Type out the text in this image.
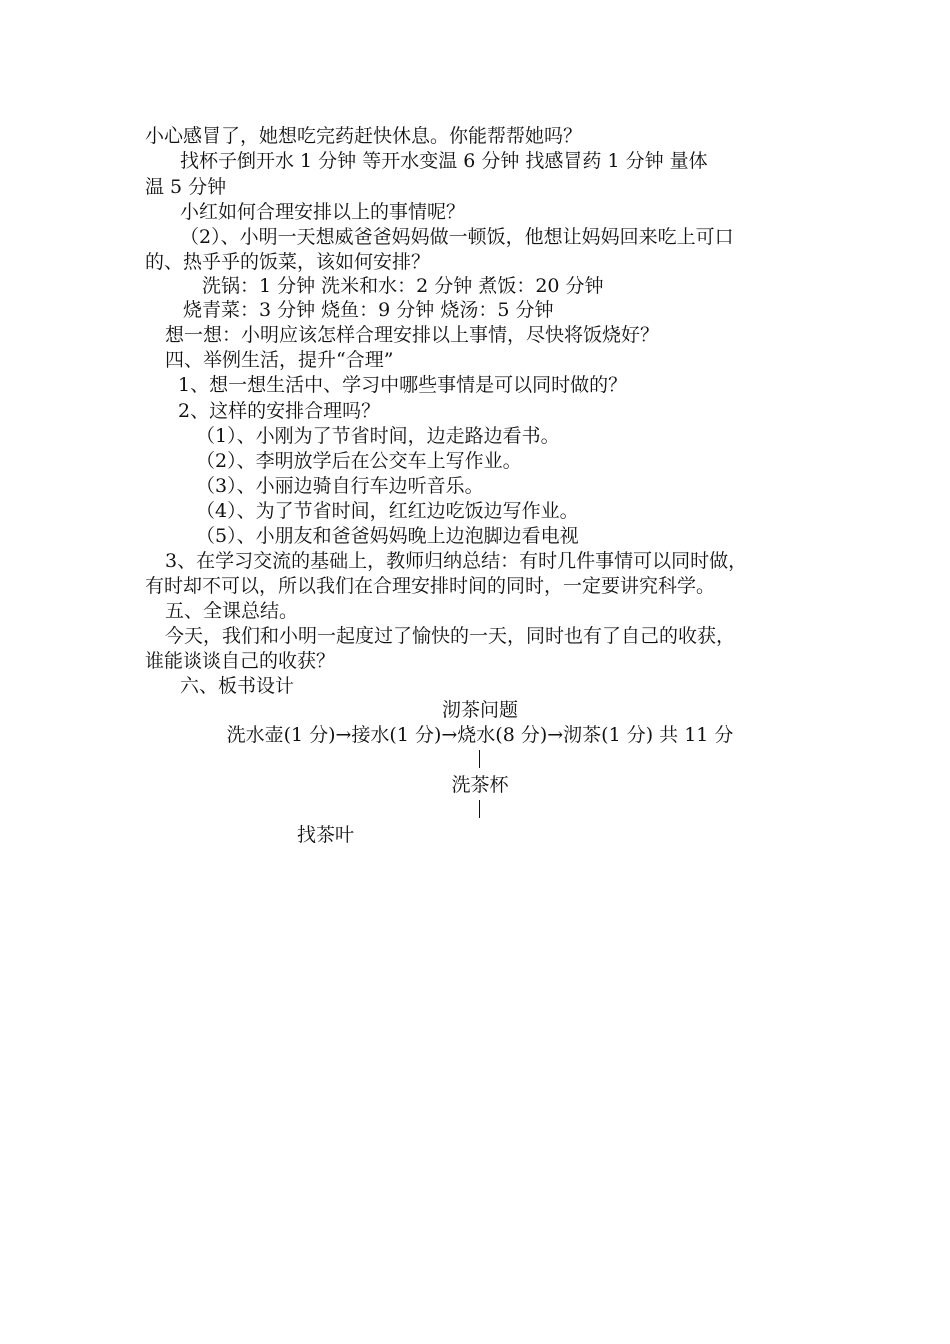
小心感冒了，她想吃完药赶快休息。你能帮帮她吗？
找杯子倒开水 1 分钟 等开水变温 6 分钟 找感冒药 1 分钟 量体
温 5 分钟
小红如何合理安排以上的事情呢？
（2）、小明一天想威爸爸妈妈做一顿饭，他想让妈妈回来吃上可口
的、热乎乎的饭菜，该如何安排？
洗锅：1 分钟 洗米和水：2 分钟 煮饭：20 分钟
烧青菜：3 分钟 烧鱼：9 分钟 烧汤：5 分钟
想一想：小明应该怎样合理安排以上事情，尽快将饭烧好？
四、举例生活，提升“合理”
1、想一想生活中、学习中哪些事情是可以同时做的？
2、这样的安排合理吗？
（1）、小刚为了节省时间，边走路边看书。
（2）、李明放学后在公交车上写作业。
（3）、小丽边骑自行车边听音乐。
（4）、为了节省时间，红红边吃饭边写作业。
（5）、小朋友和爸爸妈妈晚上边泡脚边看电视
3、在学习交流的基础上，教师归纳总结：有时几件事情可以同时做，
有时却不可以，所以我们在合理安排时间的同时，一定要讲究科学。
五、全课总结。
今天，我们和小明一起度过了愉快的一天，同时也有了自己的收获，
谁能谈谈自己的收获？
六、板书设计
沏茶问题
洗水壶(1 分)→接水(1 分)→烧水(8 分)→沏茶(1 分) 共 11 分
洗茶杯
找茶叶
